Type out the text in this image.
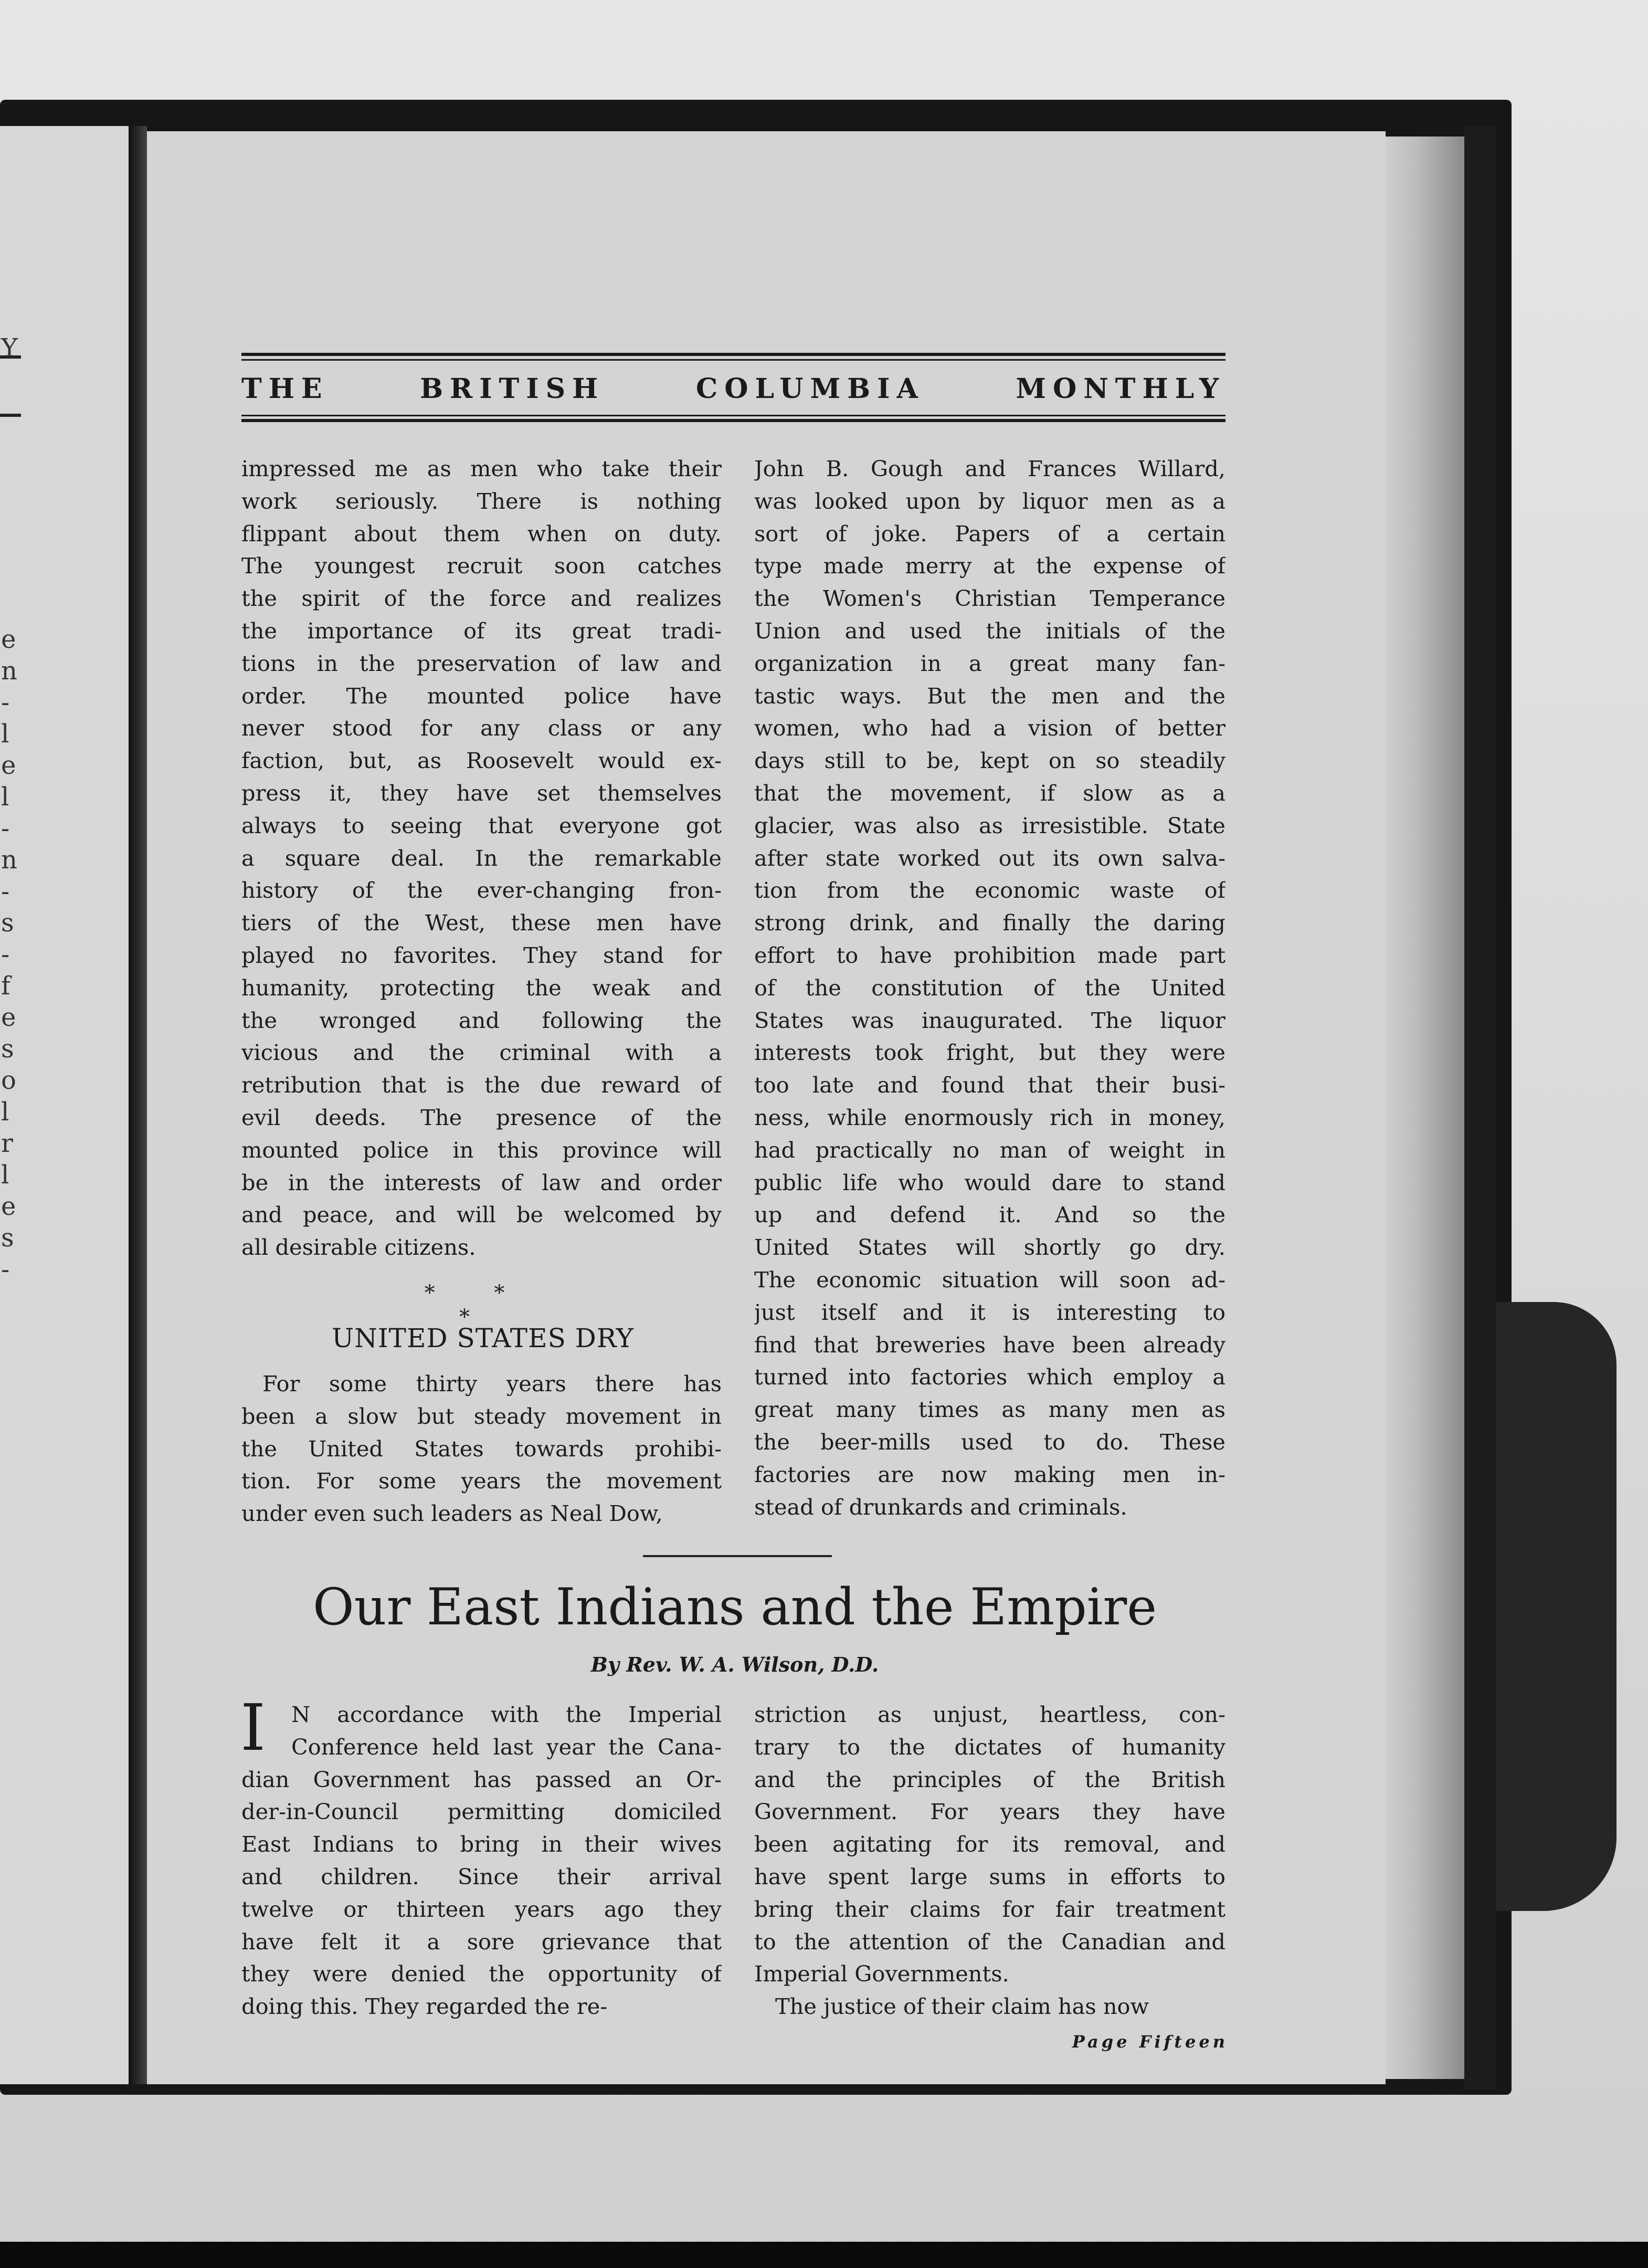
Y
e
n
-
l
e
l
-
n
-
s
-
f
e
s
o
l
r
l
e
s
-
THE	BRITISH	COLUMBIA	MONTHLY
impressed me as men who take their
work seriously. There is nothing
flippant about them when on duty.
The youngest recruit soon catches
the spirit of the force and realizes
the importance of its great tradi-
tions in the preservation of law and
order. The mounted police have
never stood for any class or any
faction, but, as Roosevelt would ex-
press it, they have set themselves
always to seeing that everyone got
a square deal. In the remarkable
history of the ever-changing fron-
tiers of the West, these men have
played no favorites. They stand for
humanity, protecting the weak and
the wronged and following the
vicious and the criminal with a
retribution that is the due reward of
evil deeds. The presence of the
mounted police in this province will
be in the interests of law and order
and peace, and will be welcomed by
all desirable citizens.
* * *
UNITED STATES DRY
For some thirty years there has
been a slow but steady movement in
the United States towards prohibi-
tion. For some years the movement
under even such leaders as Neal Dow,
John B. Gough and Frances Willard,
was looked upon by liquor men as a
sort of joke. Papers of a certain
type made merry at the expense of
the Women's Christian Temperance
Union and used the initials of the
organization in a great many fan-
tastic ways. But the men and the
women, who had a vision of better
days still to be, kept on so steadily
that the movement, if slow as a
glacier, was also as irresistible. State
after state worked out its own salva-
tion from the economic waste of
strong drink, and finally the daring
effort to have prohibition made part
of the constitution of the United
States was inaugurated. The liquor
interests took fright, but they were
too late and found that their busi-
ness, while enormously rich in money,
had practically no man of weight in
public life who would dare to stand
up and defend it. And so the
United States will shortly go dry.
The economic situation will soon ad-
just itself and it is interesting to
find that breweries have been already
turned into factories which employ a
great many times as many men as
the beer-mills used to do. These
factories are now making men in-
stead of drunkards and criminals.
Our East Indians and the Empire
By Rev. W. A. Wilson, D.D.
I	N accordance with the Imperial
Conference held last year the Cana-
dian Government has passed an Or-
der-in-Council permitting domiciled
East Indians to bring in their wives
and children. Since their arrival
twelve or thirteen years ago they
have felt it a sore grievance that
they were denied the opportunity of
doing this. They regarded the re-
striction as unjust, heartless, con-
trary to the dictates of humanity
and the principles of the British
Government. For years they have
been agitating for its removal, and
have spent large sums in efforts to
bring their claims for fair treatment
to the attention of the Canadian and
Imperial Governments.
The justice of their claim has now
Page Fifteen
